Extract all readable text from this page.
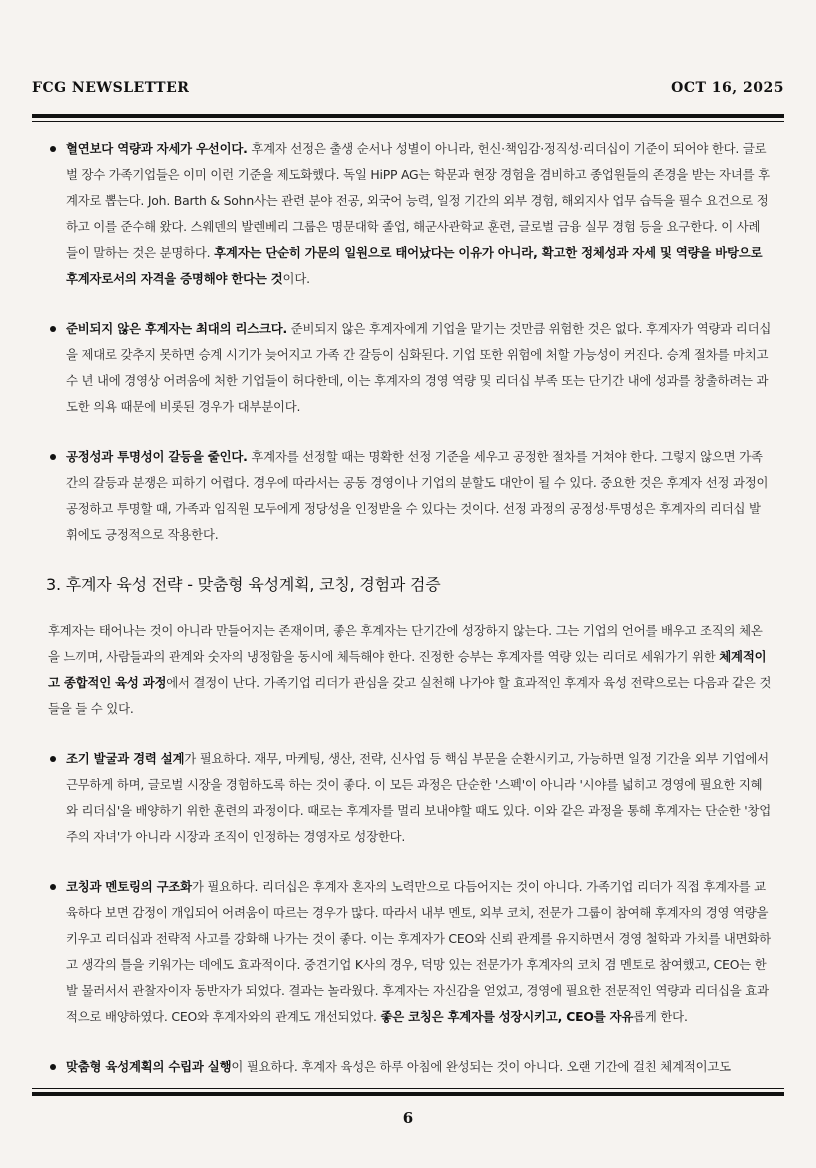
FCG NEWSLETTER	OCT 16, 2025
혈연보다 역량과 자세가 우선이다. 후계자 선정은 출생 순서나 성별이 아니라, 헌신·책임감·정직성·리더십이 기준이 되어야 한다. 글로벌 장수 가족기업들은 이미 이런 기준을 제도화했다. 독일 HiPP AG는 학문과 현장 경험을 겸비하고 종업원들의 존경을 받는 자녀를 후계자로 뽑는다. Joh. Barth & Sohn사는 관련 분야 전공, 외국어 능력, 일정 기간의 외부 경험, 해외지사 업무 습득을 필수 요건으로 정하고 이를 준수해 왔다. 스웨덴의 발렌베리 그룹은 명문대학 졸업, 해군사관학교 훈련, 글로벌 금융 실무 경험 등을 요구한다. 이 사례들이 말하는 것은 분명하다. 후계자는 단순히 가문의 일원으로 태어났다는 이유가 아니라, 확고한 정체성과 자세 및 역량을 바탕으로 후계자로서의 자격을 증명해야 한다는 것이다.
준비되지 않은 후계자는 최대의 리스크다. 준비되지 않은 후계자에게 기업을 맡기는 것만큼 위험한 것은 없다. 후계자가 역량과 리더십을 제대로 갖추지 못하면 승계 시기가 늦어지고 가족 간 갈등이 심화된다. 기업 또한 위험에 처할 가능성이 커진다. 승계 절차를 마치고 수 년 내에 경영상 어려움에 처한 기업들이 허다한데, 이는 후계자의 경영 역량 및 리더십 부족 또는 단기간 내에 성과를 창출하려는 과도한 의욕 때문에 비롯된 경우가 대부분이다.
공정성과 투명성이 갈등을 줄인다. 후계자를 선정할 때는 명확한 선정 기준을 세우고 공정한 절차를 거쳐야 한다. 그렇지 않으면 가족 간의 갈등과 분쟁은 피하기 어렵다. 경우에 따라서는 공동 경영이나 기업의 분할도 대안이 될 수 있다. 중요한 것은 후계자 선정 과정이 공정하고 투명할 때, 가족과 임직원 모두에게 정당성을 인정받을 수 있다는 것이다. 선정 과정의 공정성·투명성은 후계자의 리더십 발휘에도 긍정적으로 작용한다.
3. 후계자 육성 전략 - 맞춤형 육성계획, 코칭, 경험과 검증

후계자는 태어나는 것이 아니라 만들어지는 존재이며, 좋은 후계자는 단기간에 성장하지 않는다. 그는 기업의 언어를 배우고 조직의 체온을 느끼며, 사람들과의 관계와 숫자의 냉정함을 동시에 체득해야 한다. 진정한 승부는 후계자를 역량 있는 리더로 세워가기 위한 체계적이고 종합적인 육성 과정에서 결정이 난다. 가족기업 리더가 관심을 갖고 실천해 나가야 할 효과적인 후계자 육성 전략으로는 다음과 같은 것들을 들 수 있다.

조기 발굴과 경력 설계가 필요하다. 재무, 마케팅, 생산, 전략, 신사업 등 핵심 부문을 순환시키고, 가능하면 일정 기간을 외부 기업에서 근무하게 하며, 글로벌 시장을 경험하도록 하는 것이 좋다. 이 모든 과정은 단순한 '스펙'이 아니라 '시야를 넓히고 경영에 필요한 지혜와 리더십'을 배양하기 위한 훈련의 과정이다. 때로는 후계자를 멀리 보내야할 때도 있다. 이와 같은 과정을 통해 후계자는 단순한 '창업주의 자녀'가 아니라 시장과 조직이 인정하는 경영자로 성장한다.
코칭과 멘토링의 구조화가 필요하다. 리더십은 후계자 혼자의 노력만으로 다듬어지는 것이 아니다. 가족기업 리더가 직접 후계자를 교육하다 보면 감정이 개입되어 어려움이 따르는 경우가 많다. 따라서 내부 멘토, 외부 코치, 전문가 그룹이 참여해 후계자의 경영 역량을 키우고 리더십과 전략적 사고를 강화해 나가는 것이 좋다. 이는 후계자가 CEO와 신뢰 관계를 유지하면서 경영 철학과 가치를 내면화하고 생각의 틀을 키워가는 데에도 효과적이다. 중견기업 K사의 경우, 덕망 있는 전문가가 후계자의 코치 겸 멘토로 참여했고, CEO는 한발 물러서서 관찰자이자 동반자가 되었다. 결과는 놀라웠다. 후계자는 자신감을 얻었고, 경영에 필요한 전문적인 역량과 리더십을 효과적으로 배양하였다. CEO와 후계자와의 관계도 개선되었다. 좋은 코칭은 후계자를 성장시키고, CEO를 자유롭게 한다.
맞춤형 육성계획의 수립과 실행이 필요하다. 후계자 육성은 하루 아침에 완성되는 것이 아니다. 오랜 기간에 걸친 체계적이고도
6
